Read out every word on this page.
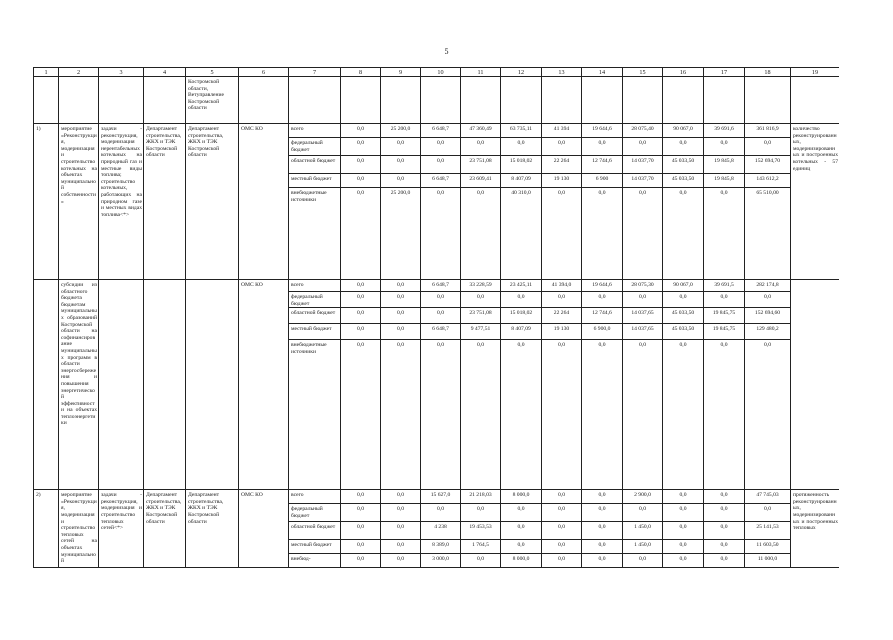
5
1	2	3	4	5	6	7	8	9	10	11	12	13	14	15	16	17	18	19
				Костромской области, Ветуправление Костромской области														
1)	мероприятие «Реконструкция, модернизация и строительство котельных на объектах муниципальной собственности»	задачи - реконструкция, модернизация нерентабельных котельных на природный газ и местные виды топлива; строительство котельных, работающих на природном газе и местных видах топлива<*>	Департамент строительства, ЖКХ и ТЭК Костромской области	Департамент строительства, ЖКХ и ТЭК Костромской области	ОМС КО	всего	0,0	25 200,0	6 648,7	47 360,49	63 735,11	41 394	19 644,6	28 075,40	90 067,0	39 691,6	361 816,9	количество реконструированных, модернизированных и построенных котельных - 57 единиц
						федеральный бюджет	0,0	0,0	0,0	0,0	0,0	0,0	0,0	0,0	0,0	0,0	0,0	
						областной бюджет	0,0	0,0	0,0	23 751,08	15 018,02	22 264	12 744,6	14 037,70	45 033,50	19 845,8	152 694,70	
						местный бюджет	0,0	0,0	6 648,7	23 609,41	8 407,09	19 130	6 900	14 037,70	45 033,50	19 845,8	143 612,2	
						внебюджетные источники	0,0	25 200,0	0,0	0,0	40 310,0	0,0	0,0	0,0	0,0	0,0	65 510,00	
	субсидии из областного бюджета бюджетам муниципальных образований Костромской области на софинансирование муниципальных программ в области энергосбережения и повышения энергетической эффективности на объектах теплоэнергетики				ОМС КО	всего	0,0	0,0	6 648,7	33 228,59	23 425,11	41 394,0	19 644,6	28 075,30	90 067,0	39 691,5	282 174,8	
						федеральный бюджет	0,0	0,0	0,0	0,0	0,0	0,0	0,0	0,0	0,0	0,0	0,0	
						областной бюджет	0,0	0,0	0,0	23 751,08	15 018,02	22 264	12 744,6	14 037,65	45 033,50	19 845,75	152 694,60	
						местный бюджет	0,0	0,0	6 648,7	9 477,51	8 407,09	19 130	6 900,0	14 037,65	45 033,50	19 845,75	129 480,2	
						внебюджетные источники	0,0	0,0	0,0	0,0	0,0	0,0	0,0	0,0	0,0	0,0	0,0	
2)	мероприятие «Реконструкция, модернизация и строительство тепловых сетей на объектах муниципальной	задачи - реконструкция, модернизация и строительство тепловых сетей<*>	Департамент строительства, ЖКХ и ТЭК Костромской области	Департамент строительства, ЖКХ и ТЭК Костромской области	ОМС КО	всего	0,0	0,0	15 627,0	21 218,03	8 000,0	0,0	0,0	2 900,0	0,0	0,0	47 745,03	протяженность реконструированных, модернизированных и построенных тепловых
						федеральный бюджет	0,0	0,0	0,0	0,0	0,0	0,0	0,0	0,0	0,0	0,0	0,0	
						областной бюджет	0,0	0,0	4 238	19 453,53	0,0	0,0	0,0	1 450,0	0,0	0,0	25 141,53	
						местный бюджет	0,0	0,0	8 389,0	1 764,5	0,0	0,0	0,0	1 450,0	0,0	0,0	11 603,50	
						внебюд-	0,0	0,0	3 000,0	0,0	8 000,0	0,0	0,0	0,0	0,0	0,0	11 000,0	
